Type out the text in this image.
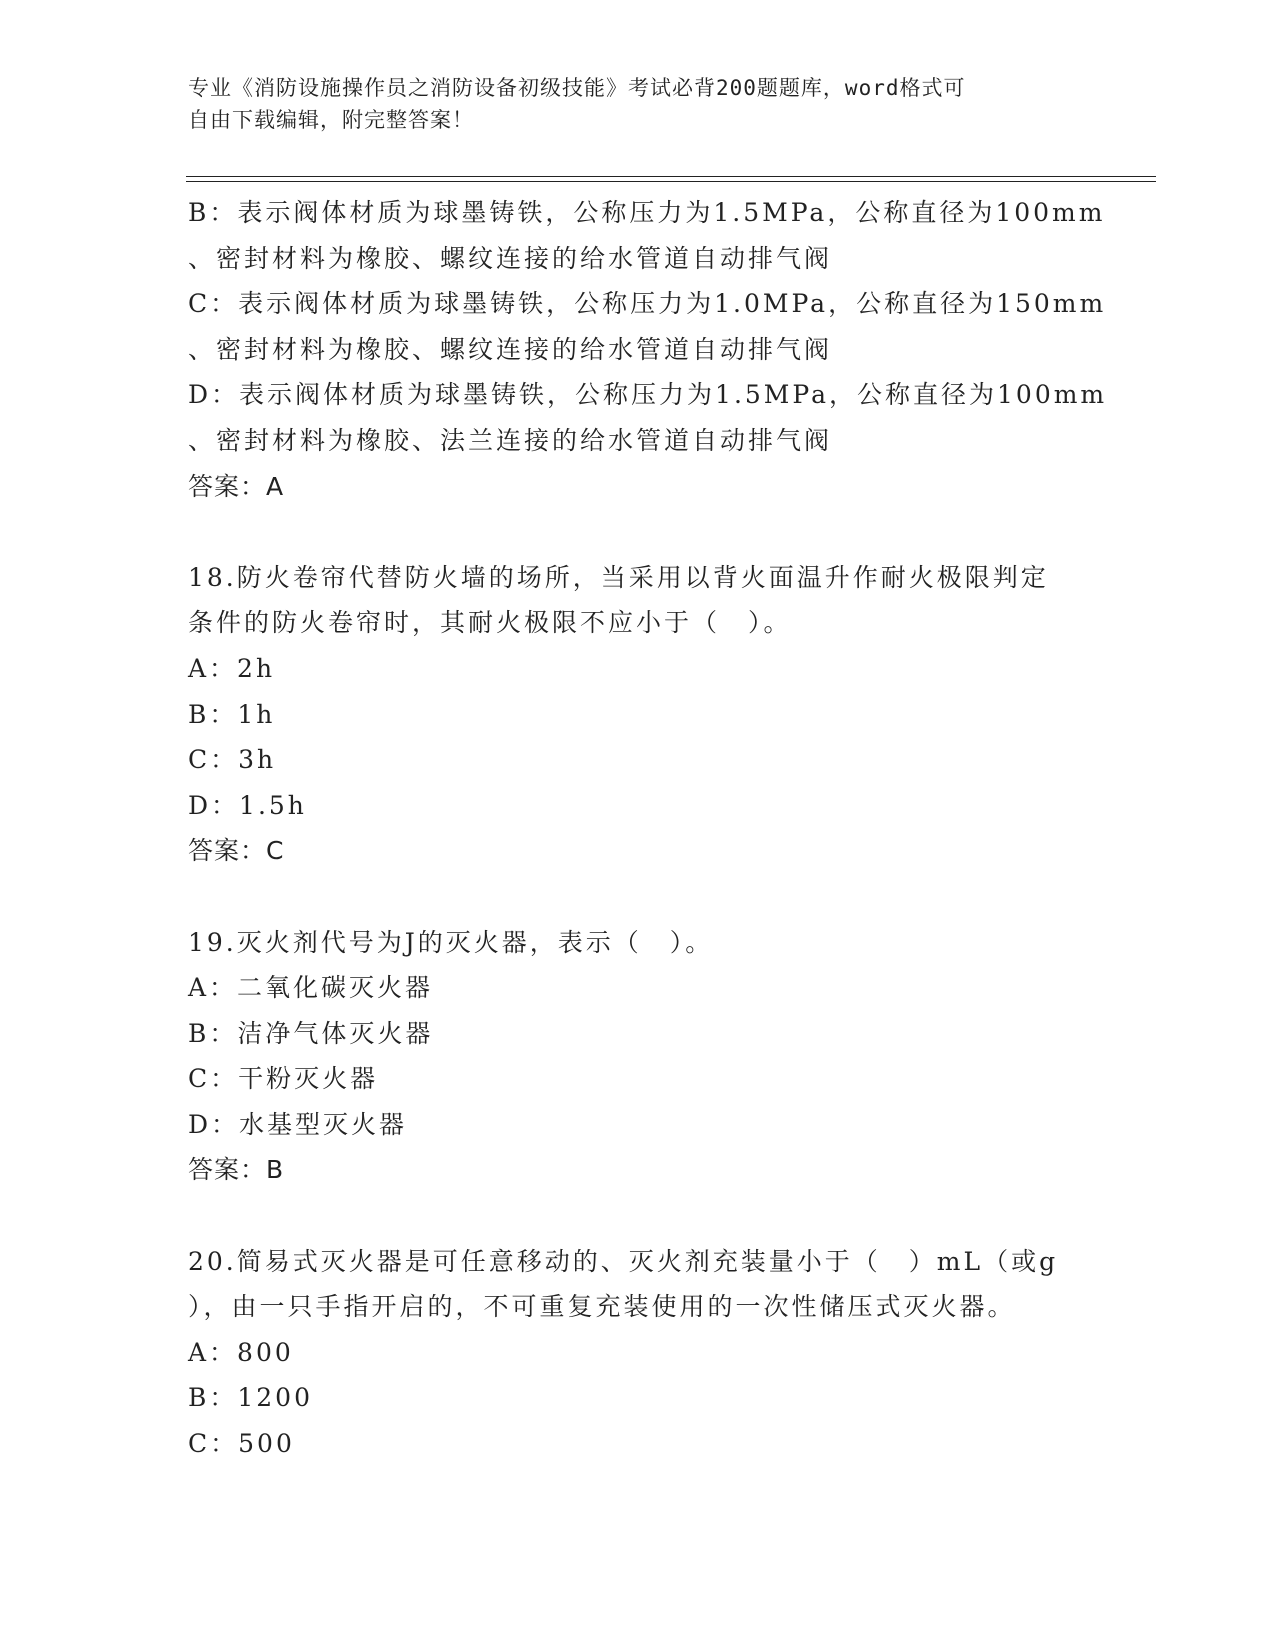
专业《消防设施操作员之消防设备初级技能》考试必背200题题库，word格式可
自由下载编辑，附完整答案！
B：表示阀体材质为球墨铸铁，公称压力为1.5MPa，公称直径为100mm
、密封材料为橡胶、螺纹连接的给水管道自动排气阀
C：表示阀体材质为球墨铸铁，公称压力为1.0MPa，公称直径为150mm
、密封材料为橡胶、螺纹连接的给水管道自动排气阀
D：表示阀体材质为球墨铸铁，公称压力为1.5MPa，公称直径为100mm
、密封材料为橡胶、法兰连接的给水管道自动排气阀
答案：A
18.防火卷帘代替防火墙的场所，当采用以背火面温升作耐火极限判定
条件的防火卷帘时，其耐火极限不应小于（　）。
A：2h
B：1h
C：3h
D：1.5h
答案：C
19.灭火剂代号为J的灭火器，表示（　）。
A：二氧化碳灭火器
B：洁净气体灭火器
C：干粉灭火器
D：水基型灭火器
答案：B
20.简易式灭火器是可任意移动的、灭火剂充装量小于（　）mL（或g
），由一只手指开启的，不可重复充装使用的一次性储压式灭火器。
A：800
B：1200
C：500
